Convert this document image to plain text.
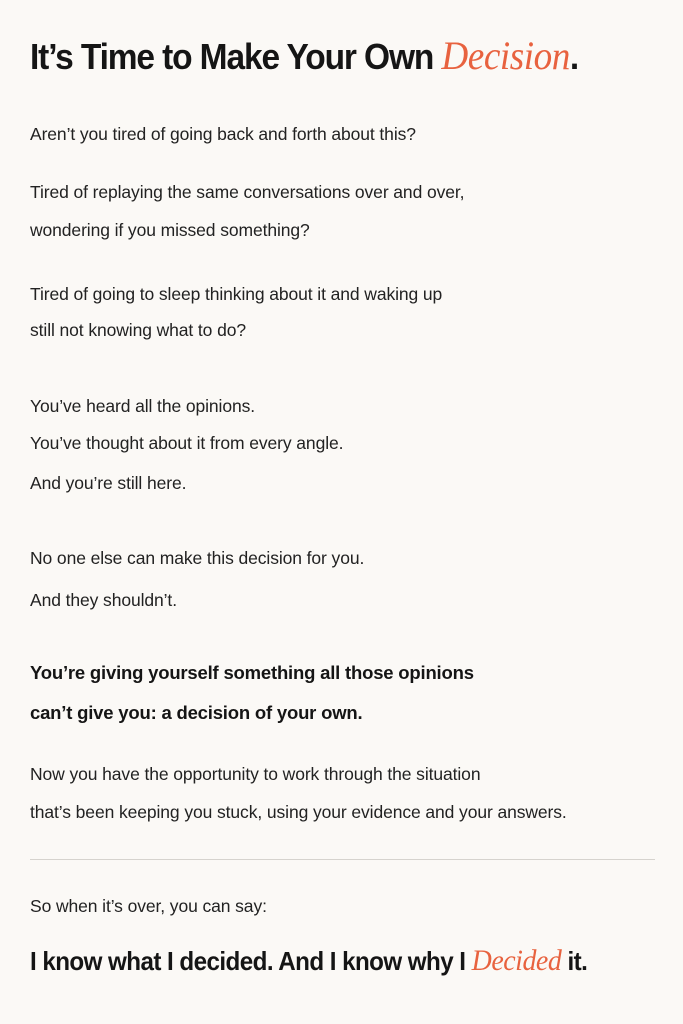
It’s Time to Make Your Own Decision.

Aren’t you tired of going back and forth about this?

Tired of replaying the same conversations over and over,

wondering if you missed something?

Tired of going to sleep thinking about it and waking up

still not knowing what to do?

You’ve heard all the opinions.

You’ve thought about it from every angle.

And you’re still here.

No one else can make this decision for you.

And they shouldn’t.

You’re giving yourself something all those opinions

can’t give you: a decision of your own.

Now you have the opportunity to work through the situation

that’s been keeping you stuck, using your evidence and your answers.

So when it’s over, you can say:

I know what I decided. And I know why I Decided it.
